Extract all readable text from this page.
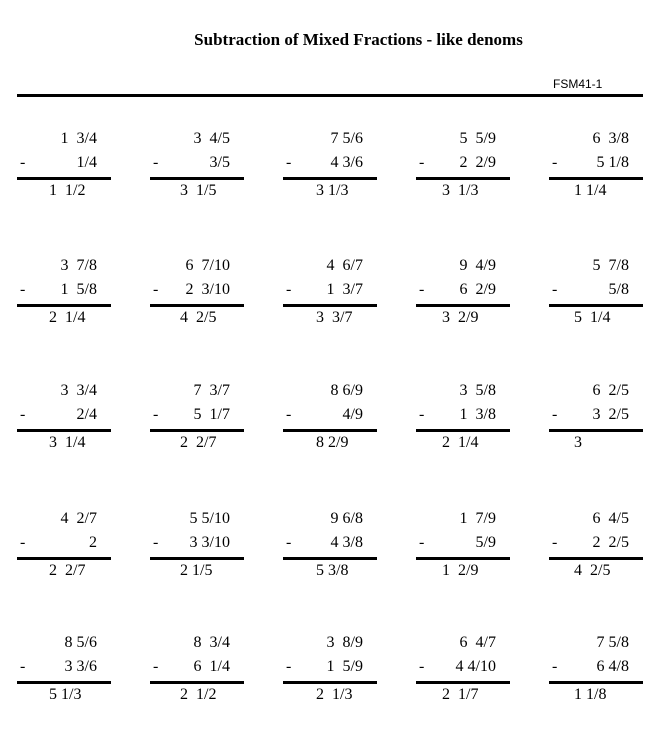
Subtraction of Mixed Fractions - like denoms
FSM41-1
1  3/4
-	1/4
1  1/2
3  4/5
-	3/5
3  1/5
7 5/6
- 4 3/6
3 1/3
5  5/9
- 2  2/9
3  1/3
6  3/8
- 5 1/8
1 1/4
3  7/8
- 1  5/8
2  1/4
6  7/10
- 2  3/10
4  2/5
4  6/7
- 1  3/7
3  3/7
9  4/9
- 6  2/9
3  2/9
5  7/8
-	5/8
5  1/4
3  3/4
-	2/4
3  1/4
7  3/7
- 5  1/7
2  2/7
8 6/9
-	4/9
8 2/9
3  5/8
- 1  3/8
2  1/4
6  2/5
- 3  2/5
3
4  2/7
-	2
2  2/7
5 5/10
- 3 3/10
2 1/5
9 6/8
- 4 3/8
5 3/8
1  7/9
-	5/9
1  2/9
6  4/5
- 2  2/5
4  2/5
8 5/6
- 3 3/6
5 1/3
8  3/4
- 6  1/4
2  1/2
3  8/9
- 1  5/9
2  1/3
6  4/7
- 4 4/10
2  1/7
7 5/8
- 6 4/8
1 1/8
